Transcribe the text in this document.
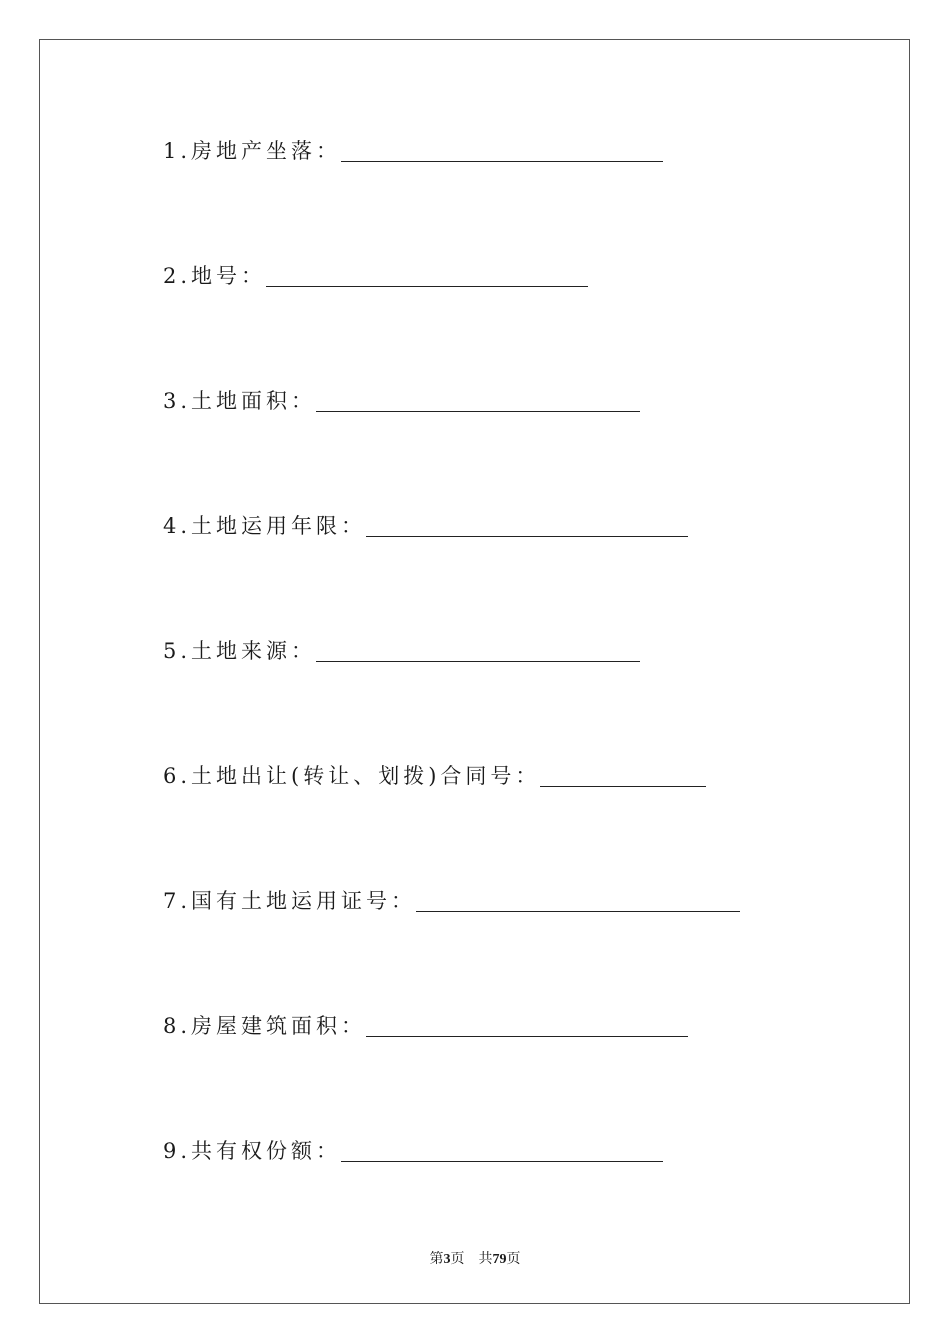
1.房地产坐落：
2.地号：
3.土地面积：
4.土地运用年限：
5.土地来源：
6.土地出让(转让、划拨)合同号：
7.国有土地运用证号：
8.房屋建筑面积：
9.共有权份额：
第3页 共79页
